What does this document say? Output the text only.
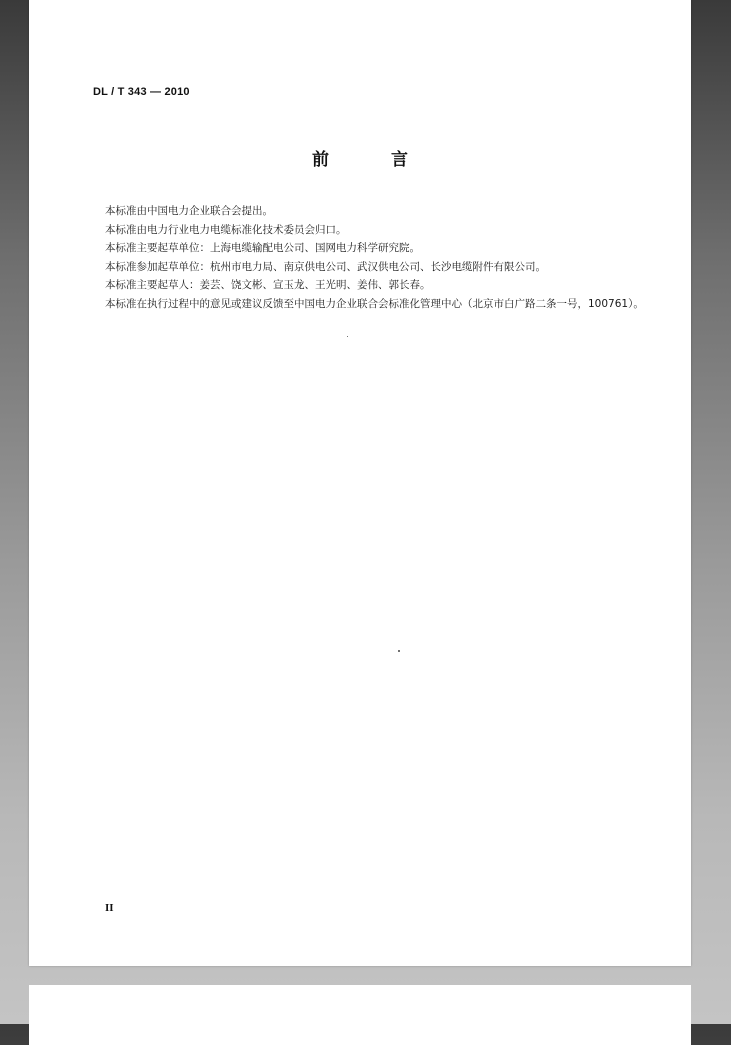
DL / T 343 — 2010
前 言

本标准由中国电力企业联合会提出。

本标准由电力行业电力电缆标准化技术委员会归口。

本标准主要起草单位：上海电缆输配电公司、国网电力科学研究院。

本标准参加起草单位：杭州市电力局、南京供电公司、武汉供电公司、长沙电缆附件有限公司。

本标准主要起草人：姜芸、饶文彬、宣玉龙、王光明、姜伟、郭长春。

本标准在执行过程中的意见或建议反馈至中国电力企业联合会标准化管理中心（北京市白广路二条一号，100761）。

II
